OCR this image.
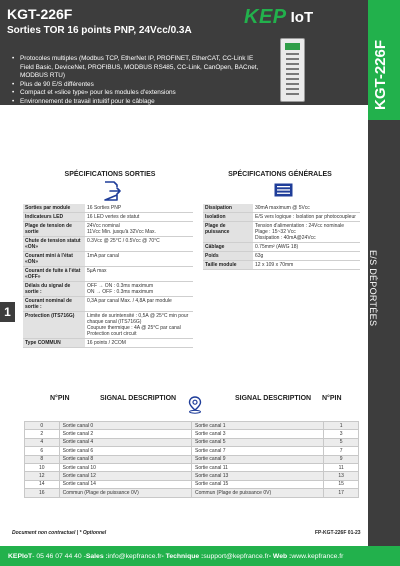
KGT-226F
Sorties TOR 16 points PNP, 24Vcc/0.3A
KEP IoT
• Protocoles multiples (Modbus TCP, EtherNet IP, PROFINET, EtherCAT, CC-Link IE Field Basic, DeviceNet, PROFIBUS, MODBUS RS485, CC-Link, CanOpen, BACnet, MODBUS RTU)
• Plus de 90 E/S différentes
• Compact et «slice type» pour les modules d'extensions
• Environnement de travail intuitif pour le câblage	KGT-226F
E/S DÉPORTÉES
1
SPÉCIFICATIONS SORTIES	SPÉCIFICATIONS GÉNÉRALES
Sorties par module	16 Sorties PNP
Indicateurs LED	16 LED vertes de statut
Plage de tension de sortie	24Vcc nominal
11Vcc Min. jusqu'à 32Vcc Max.
Chute de tension statut «ON»	0.3Vcc @ 25°C / 0.5Vcc @ 70°C
Courant mini à l'état «ON»	1mA par canal
Courant de fuite à l'état «OFF»	5µA max
Délais du signal de sortie :	OFF → ON : 0.3ms maximum
ON → OFF : 0.3ms maximum
Courant nominal de sortie :	0,3A par canal Max. / 4,8A par module
Protection (ITS716G)	Limite de surintensité : 0,5A @ 25°C min pour chaque canal (ITS716G)
Coupure thermique : 4A @ 25°C par canal
Protection court circuit
Type COMMUN	16 points / 2COM
Dissipation	30mA maximum @ 5Vcc
Isolation	E/S vers logique : Isolation par photocoupleur
Plage de puissance	Tension d'alimentation : 24Vcc nominale
Plage : 15~32 Vcc
Dissipation : 40mA@24Vcc
Câblage	0.75mm² (AWG 18)
Poids	63g
Taille module	12 x 109 x 70mm
N°PIN	SIGNAL DESCRIPTION	SIGNAL DESCRIPTION N°PIN
0	Sortie canal 0	Sortie canal 1	1
2	Sortie canal 2	Sortie canal 3	3
4	Sortie canal 4	Sortie canal 5	5
6	Sortie canal 6	Sortie canal 7	7
8	Sortie canal 8	Sortie canal 9	9
10	Sortie canal 10	Sortie canal 11	11
12	Sortie canal 12	Sortie canal 13	13
14	Sortie canal 14	Sortie canal 15	15
16	Commun (Plage de puissance 0V)	Commun (Plage de puissance 0V)	17
Document non contractuel | * Optionnel	FP-KGT-226F 01-23
KEPIoT - 05 46 07 44 40 - Sales : info@kepfrance.fr - Technique : support@kepfrance.fr - Web : www.kepfrance.fr
